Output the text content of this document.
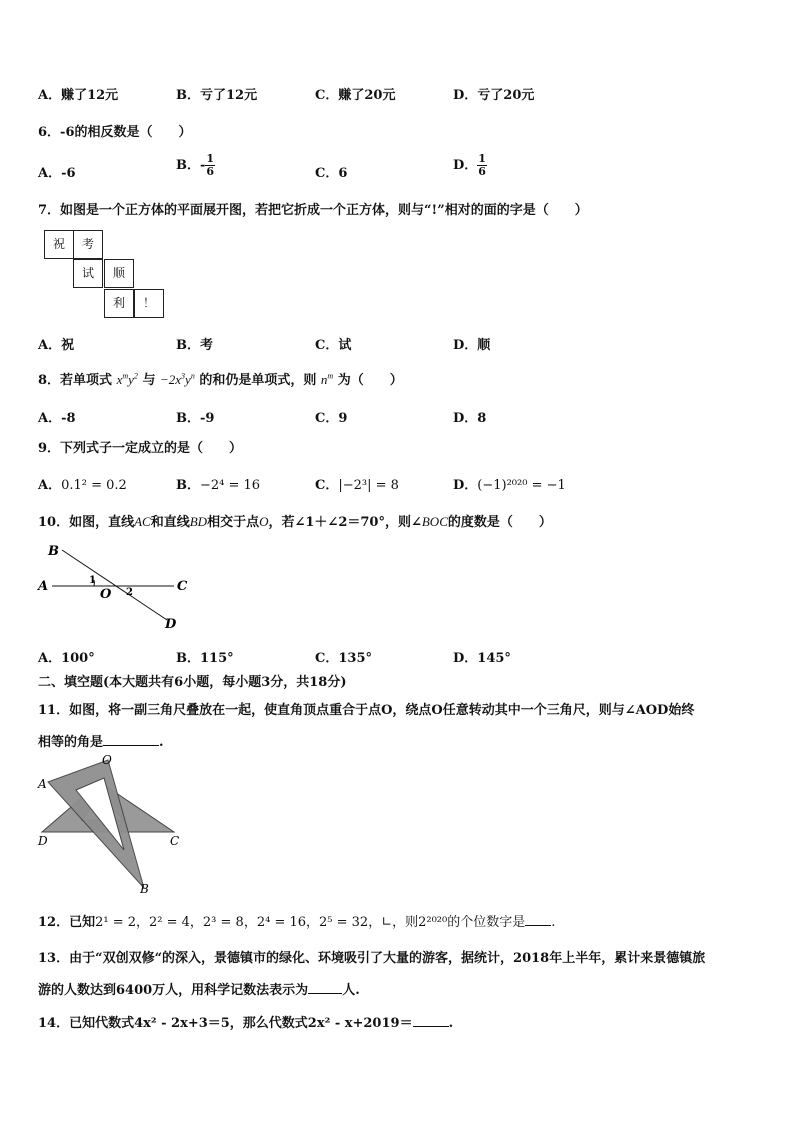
A．赚了12元	B．亏了12元	C．赚了20元	D．亏了20元
6．-6的相反数是（　　）
A．-6
B．- $\frac{1}{6}$	C．6
D． $\frac{1}{6}$
7．如图是一个正方体的平面展开图，若把它折成一个正方体，则与“!”相对的面的字是（　　）
祝	考
试	顺
利	！
A．祝	B．考	C．试	D．顺
8．若单项式 $x^my^2$ 与 $-2x^3y^n$ 的和仍是单项式，则 $n^m$ 为（　　）
A．-8	B．-9	C．9	D．8
9．下列式子一定成立的是（　　）
A．0.1² = 0.2	B．−2⁴ = 16	C．|−2³| = 8	D．(−1)²⁰²⁰ = −1
10．如图，直线AC和直线BD相交于点O，若∠1＋∠2＝70°，则∠BOC的度数是（　　）
B
A
O
C
D
1
2
A．100°	B．115°	C．135°	D．145°
二、填空题(本大题共有6小题，每小题3分，共18分)
11．如图，将一副三角尺叠放在一起，使直角顶点重合于点O，绕点O任意转动其中一个三角尺，则与∠AOD始终
相等的角是	.
O
A
D	C
B
12．已知2¹ = 2，2² = 4，2³ = 8，2⁴ = 16，2⁵ = 32，∟，则2²⁰²⁰的个位数字是 .
13．由于“双创双修“的深入，景德镇市的绿化、环境吸引了大量的游客，据统计，2018年上半年，累计来景德镇旅
游的人数达到6400万人，用科学记数法表示为	人.
14．已知代数式4x² - 2x+3＝5，那么代数式2x² - x+2019＝	.
